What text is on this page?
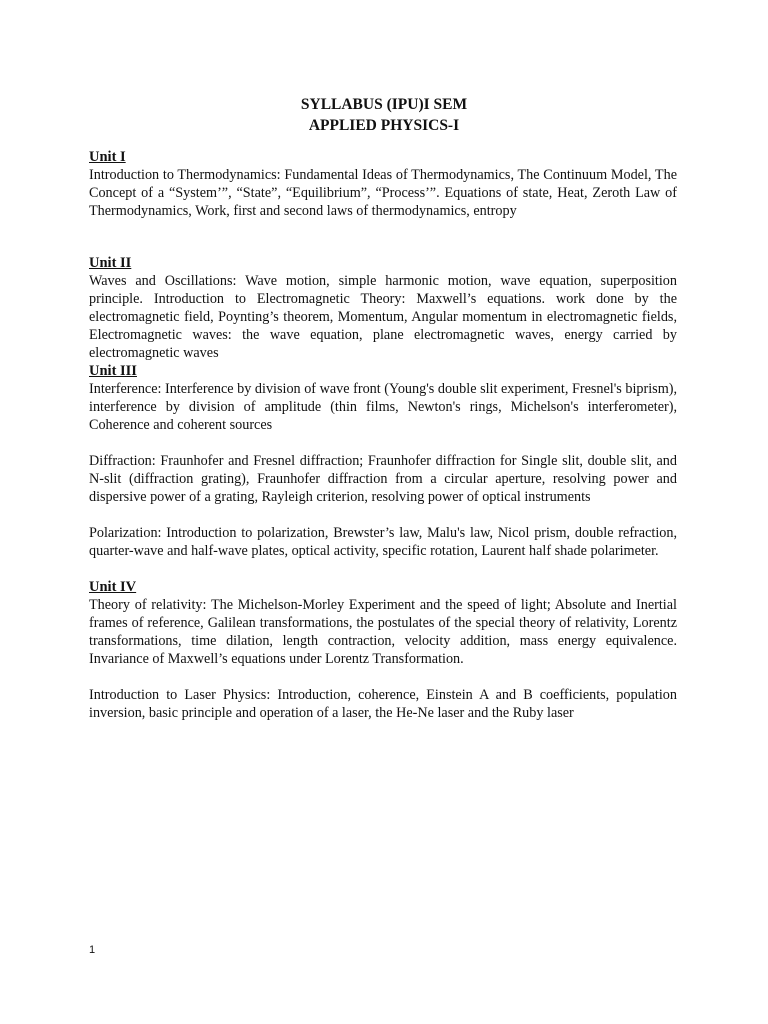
SYLLABUS (IPU)I SEM

APPLIED PHYSICS-I

Unit I

Introduction to Thermodynamics: Fundamental Ideas of Thermodynamics, The Continuum Model, The Concept of a “System’”, “State”, “Equilibrium”, “Process’”. Equations of state, Heat, Zeroth Law of Thermodynamics, Work, first and second laws of thermodynamics, entropy

Unit II

Waves and Oscillations: Wave motion, simple harmonic motion, wave equation, superposition principle. Introduction to Electromagnetic Theory: Maxwell’s equations. work done by the electromagnetic field, Poynting’s theorem, Momentum, Angular momentum in electromagnetic fields, Electromagnetic waves: the wave equation, plane electromagnetic waves, energy carried by electromagnetic waves

Unit III

Interference: Interference by division of wave front (Young's double slit experiment, Fresnel's biprism), interference by division of amplitude (thin films, Newton's rings, Michelson's interferometer), Coherence and coherent sources

Diffraction: Fraunhofer and Fresnel diffraction; Fraunhofer diffraction for Single slit, double slit, and N-slit (diffraction grating), Fraunhofer diffraction from a circular aperture, resolving power and dispersive power of a grating, Rayleigh criterion, resolving power of optical instruments

Polarization: Introduction to polarization, Brewster’s law, Malu's law, Nicol prism, double refraction, quarter-wave and half-wave plates, optical activity, specific rotation, Laurent half shade polarimeter.

Unit IV

Theory of relativity: The Michelson-Morley Experiment and the speed of light; Absolute and Inertial frames of reference, Galilean transformations, the postulates of the special theory of relativity, Lorentz transformations, time dilation, length contraction, velocity addition, mass energy equivalence. Invariance of Maxwell’s equations under Lorentz Transformation.

Introduction to Laser Physics: Introduction, coherence, Einstein A and B coefficients, population inversion, basic principle and operation of a laser, the He-Ne laser and the Ruby laser

1
